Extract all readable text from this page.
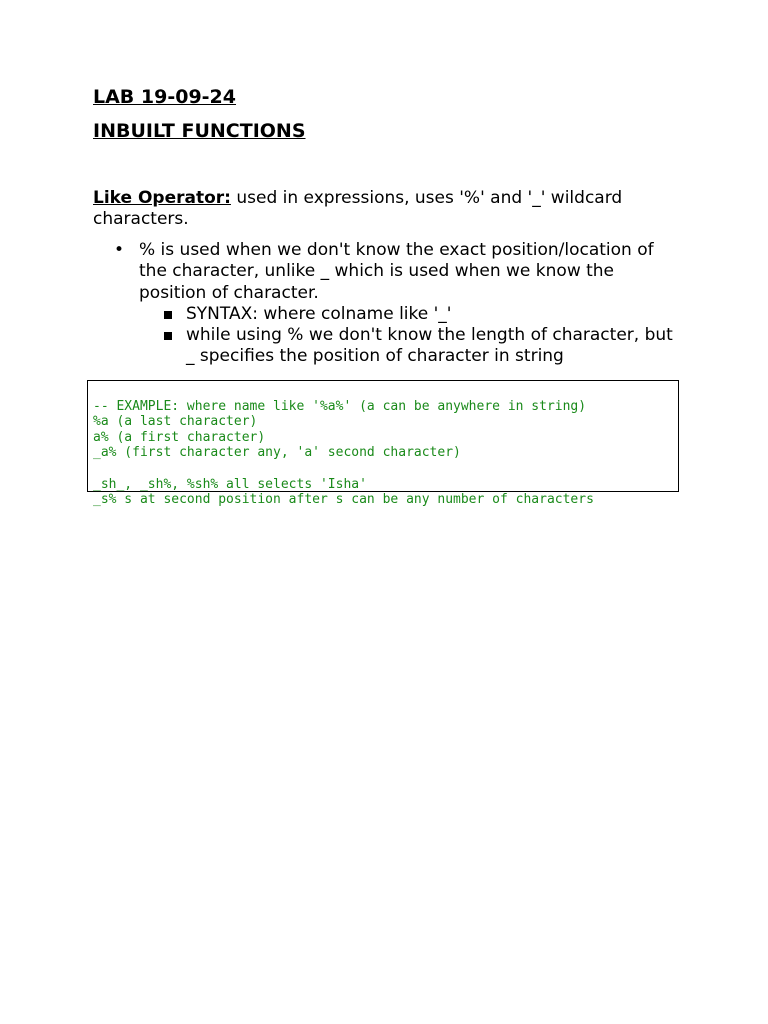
LAB 19-09-24

INBUILT FUNCTIONS

Like Operator: used in expressions, uses '%' and '_' wildcard characters.
• % is used when we don't know the exact position/location of the character, unlike _ which is used when we know the position of character.
SYNTAX: where colname like '_'
while using % we don't know the length of character, but _ specifies the position of character in string

-- EXAMPLE: where name like '%a%' (a can be anywhere in string)
%a (a last character)
a% (a first character)
_a% (first character any, 'a' second character)
_sh_, _sh%, %sh% all selects 'Isha'
_s% s at second position after s can be any number of characters
